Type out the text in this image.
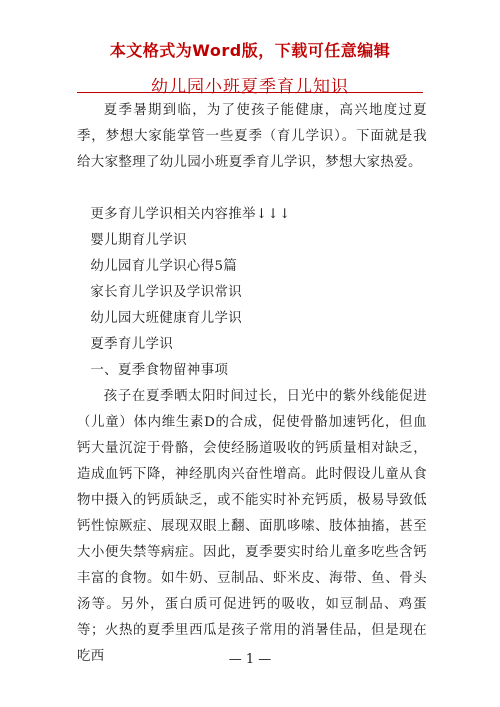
本文格式为Word版，下载可任意编辑
幼儿园小班夏季育儿知识

夏季暑期到临，为了使孩子能健康，高兴地度过夏季，梦想大家能掌管一些夏季（育儿学识）。下面就是我给大家整理了幼儿园小班夏季育儿学识，梦想大家热爱。

更多育儿学识相关内容推举↓↓↓

婴儿期育儿学识

幼儿园育儿学识心得5篇

家长育儿学识及学识常识

幼儿园大班健康育儿学识

夏季育儿学识

一、夏季食物留神事项

孩子在夏季晒太阳时间过长，日光中的紫外线能促进（儿童）体内维生素D的合成，促使骨骼加速钙化，但血钙大量沉淀于骨骼，会使经肠道吸收的钙质量相对缺乏，造成血钙下降，神经肌肉兴奋性增高。此时假设儿童从食物中摄入的钙质缺乏，或不能实时补充钙质，极易导致低钙性惊厥症、展现双眼上翻、面肌哆嗦、肢体抽搐，甚至大小便失禁等病症。因此，夏季要实时给儿童多吃些含钙丰富的食物。如牛奶、豆制品、虾米皮、海带、鱼、骨头汤等。另外，蛋白质可促进钙的吸收，如豆制品、鸡蛋等；火热的夏季里西瓜是孩子常用的消暑佳品，但是现在吃西	— 1 —
